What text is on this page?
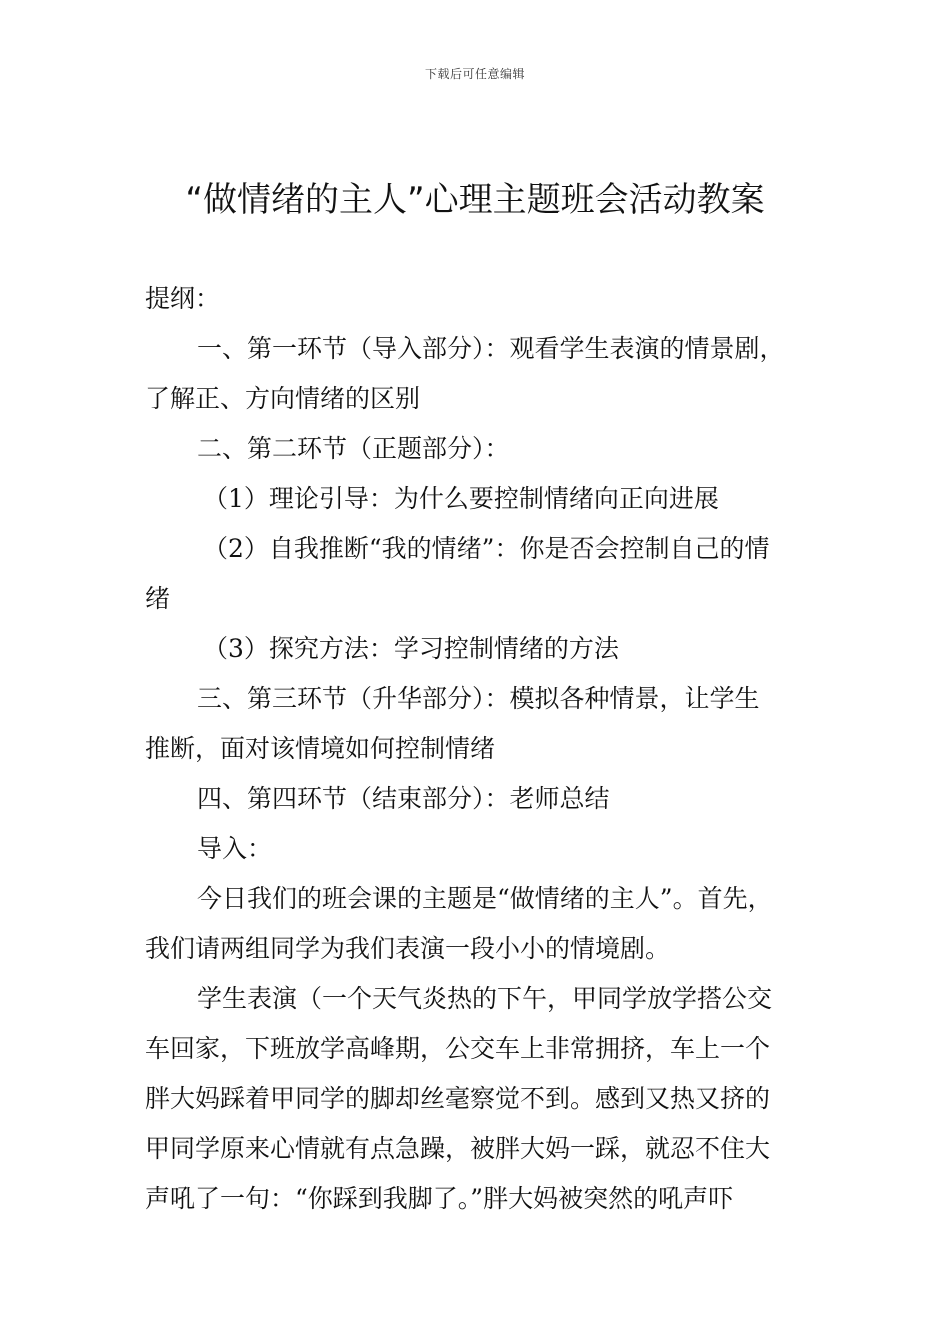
下载后可任意编辑
“做情绪的主人”心理主题班会活动教案
提纲：
一、第一环节（导入部分）：观看学生表演的情景剧，
了解正、方向情绪的区别
二、第二环节（正题部分）：
（1）理论引导：为什么要控制情绪向正向进展
（2）自我推断“我的情绪”：你是否会控制自己的情
绪
（3）探究方法：学习控制情绪的方法
三、第三环节（升华部分）：模拟各种情景，让学生
推断，面对该情境如何控制情绪
四、第四环节（结束部分）：老师总结
导入：
今日我们的班会课的主题是“做情绪的主人”。首先，
我们请两组同学为我们表演一段小小的情境剧。
学生表演（一个天气炎热的下午，甲同学放学搭公交
车回家，下班放学高峰期，公交车上非常拥挤，车上一个
胖大妈踩着甲同学的脚却丝毫察觉不到。感到又热又挤的
甲同学原来心情就有点急躁，被胖大妈一踩，就忍不住大
声吼了一句：“你踩到我脚了。”胖大妈被突然的吼声吓
